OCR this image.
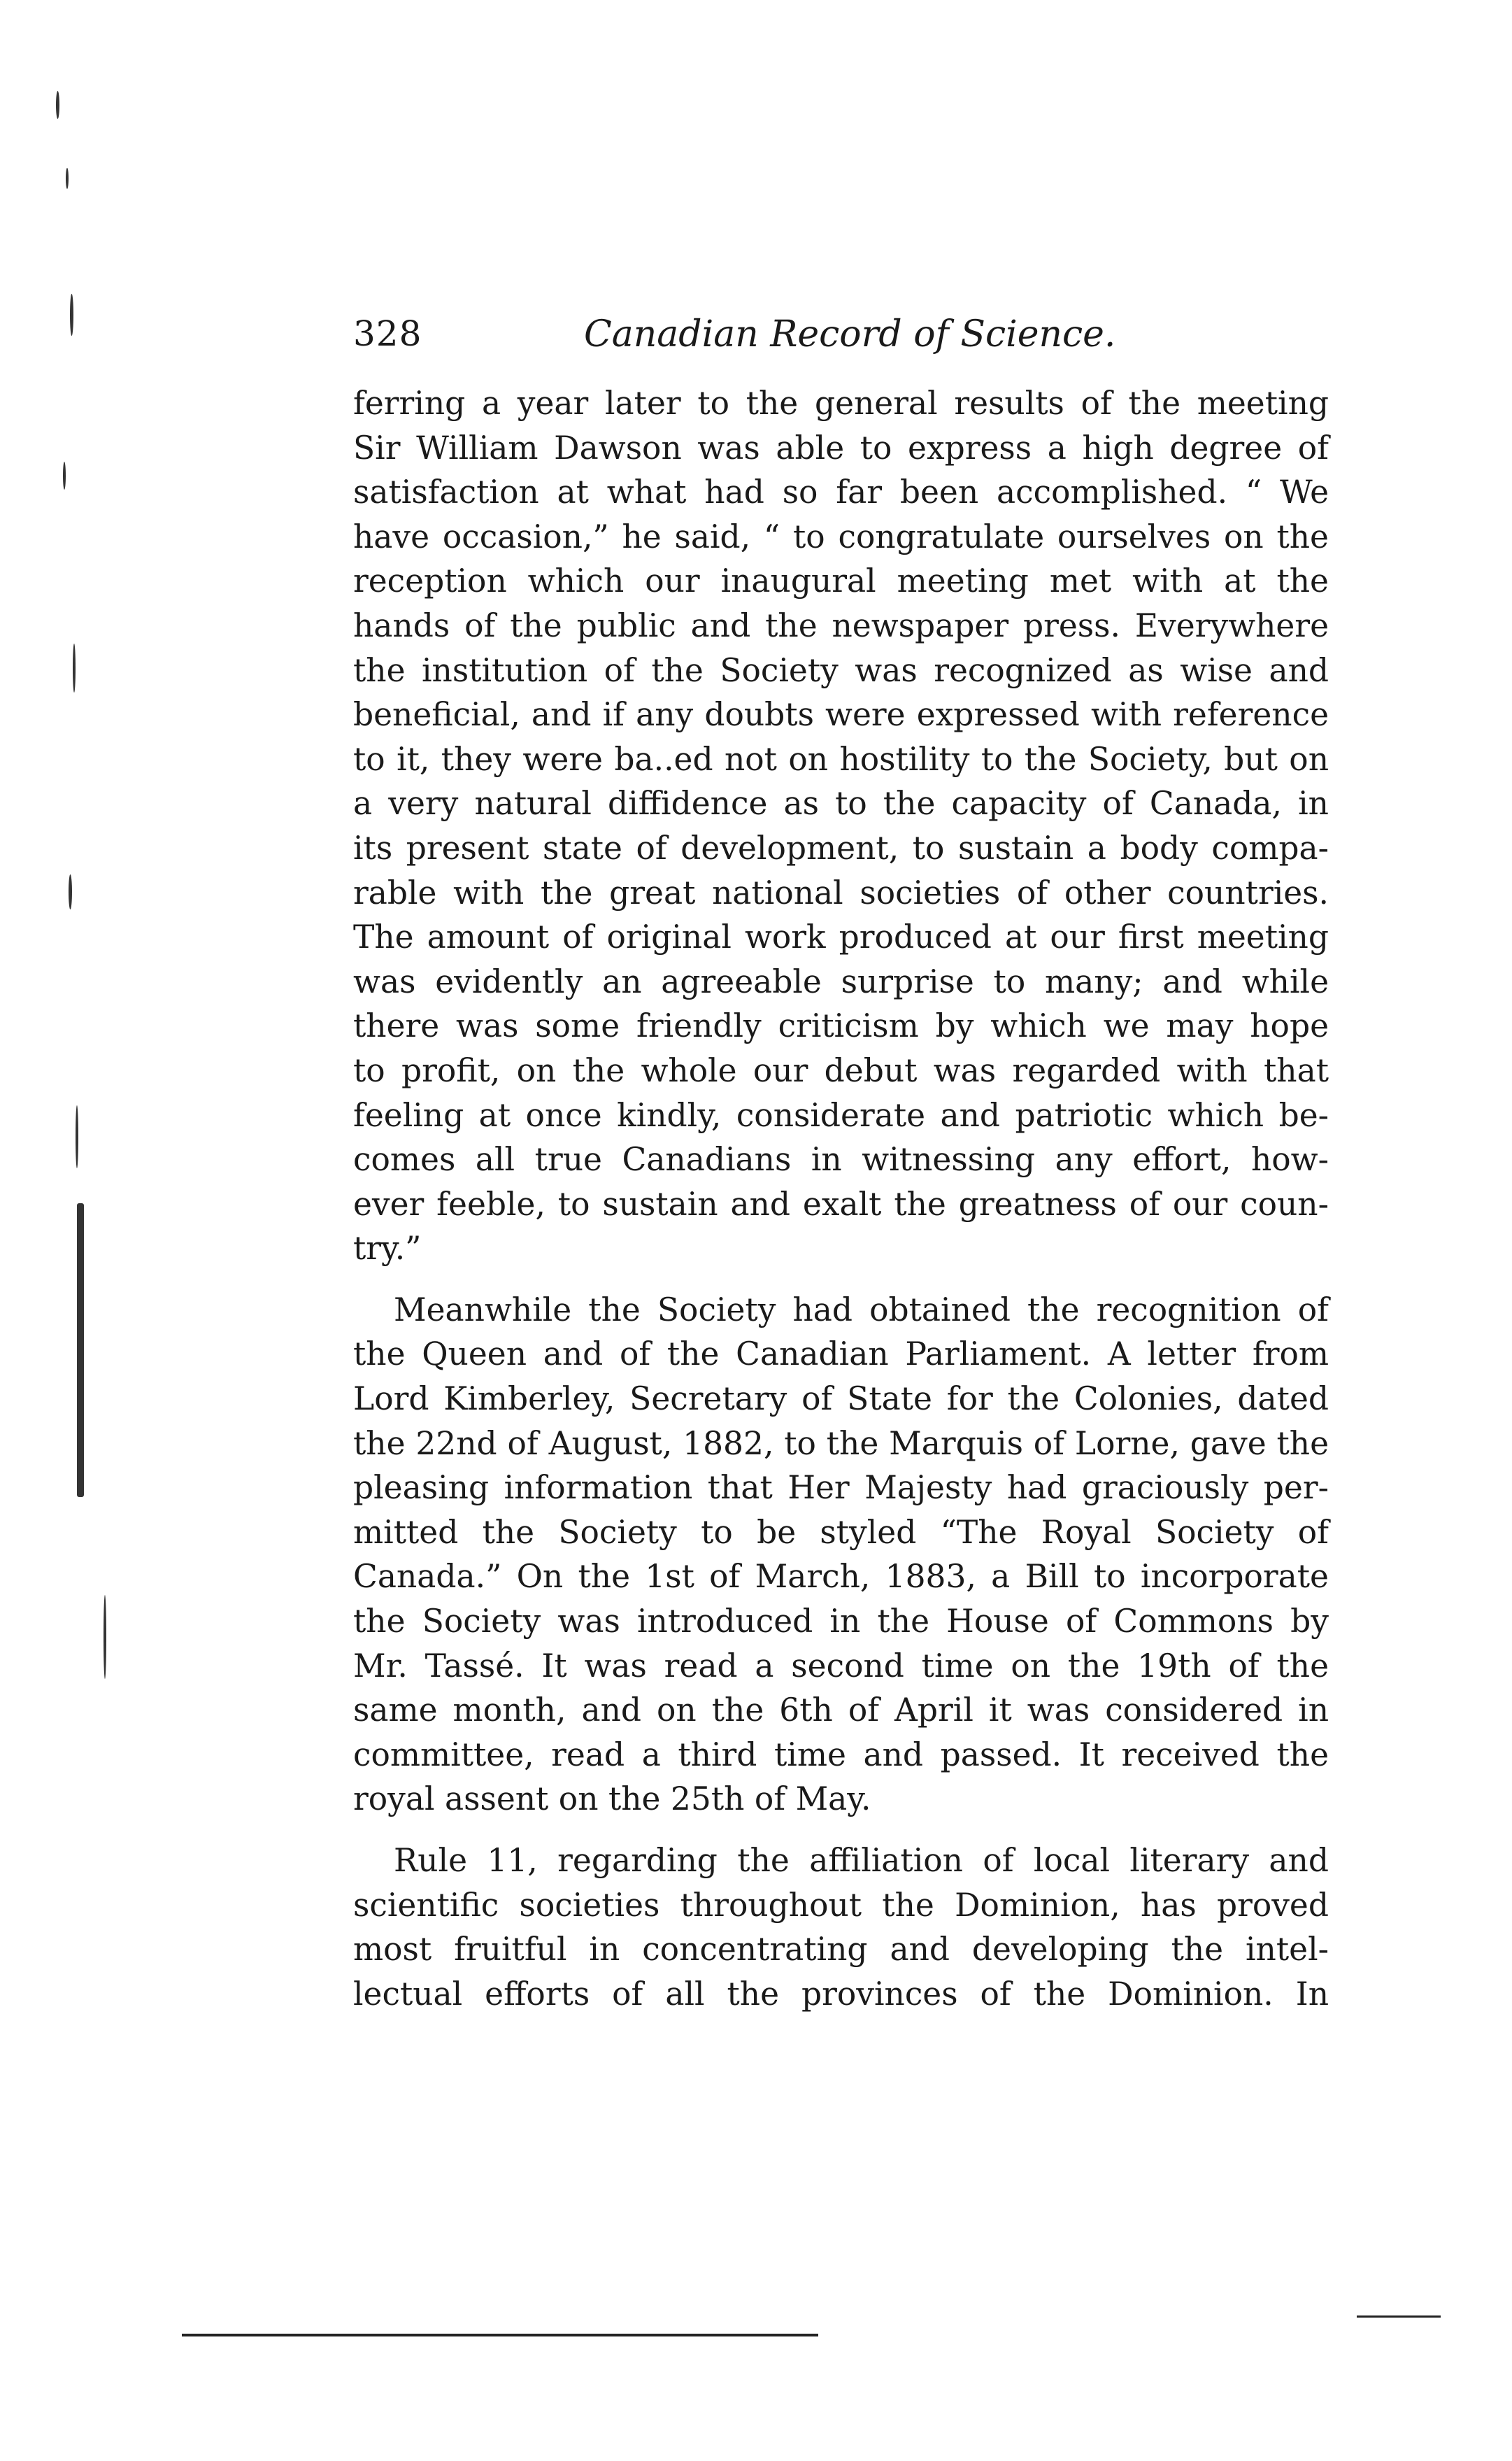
328	Canadian Record of Science.

ferring a year later to the general results of the meeting
Sir William Dawson was able to express a high degree of
satisfaction at what had so far been accomplished. “ We
have occasion,” he said, “ to congratulate ourselves on the
reception which our inaugural meeting met with at the
hands of the public and the newspaper press. Everywhere
the institution of the Society was recognized as wise and
beneficial, and if any doubts were expressed with reference
to it, they were ba..ed not on hostility to the Society, but on
a very natural diffidence as to the capacity of Canada, in
its present state of development, to sustain a body compa-
rable with the great national societies of other countries.
The amount of original work produced at our first meeting
was evidently an agreeable surprise to many; and while
there was some friendly criticism by which we may hope
to profit, on the whole our debut was regarded with that
feeling at once kindly, considerate and patriotic which be-
comes all true Canadians in witnessing any effort, how-
ever feeble, to sustain and exalt the greatness of our coun-
try.”

Meanwhile the Society had obtained the recognition of
the Queen and of the Canadian Parliament. A letter from
Lord Kimberley, Secretary of State for the Colonies, dated
the 22nd of August, 1882, to the Marquis of Lorne, gave the
pleasing information that Her Majesty had graciously per-
mitted the Society to be styled “The Royal Society of
Canada.” On the 1st of March, 1883, a Bill to incorporate
the Society was introduced in the House of Commons by
Mr. Tassé. It was read a second time on the 19th of the
same month, and on the 6th of April it was considered in
committee, read a third time and passed. It received the
royal assent on the 25th of May.

Rule 11, regarding the affiliation of local literary and
scientific societies throughout the Dominion, has proved
most fruitful in concentrating and developing the intel-
lectual efforts of all the provinces of the Dominion. In
